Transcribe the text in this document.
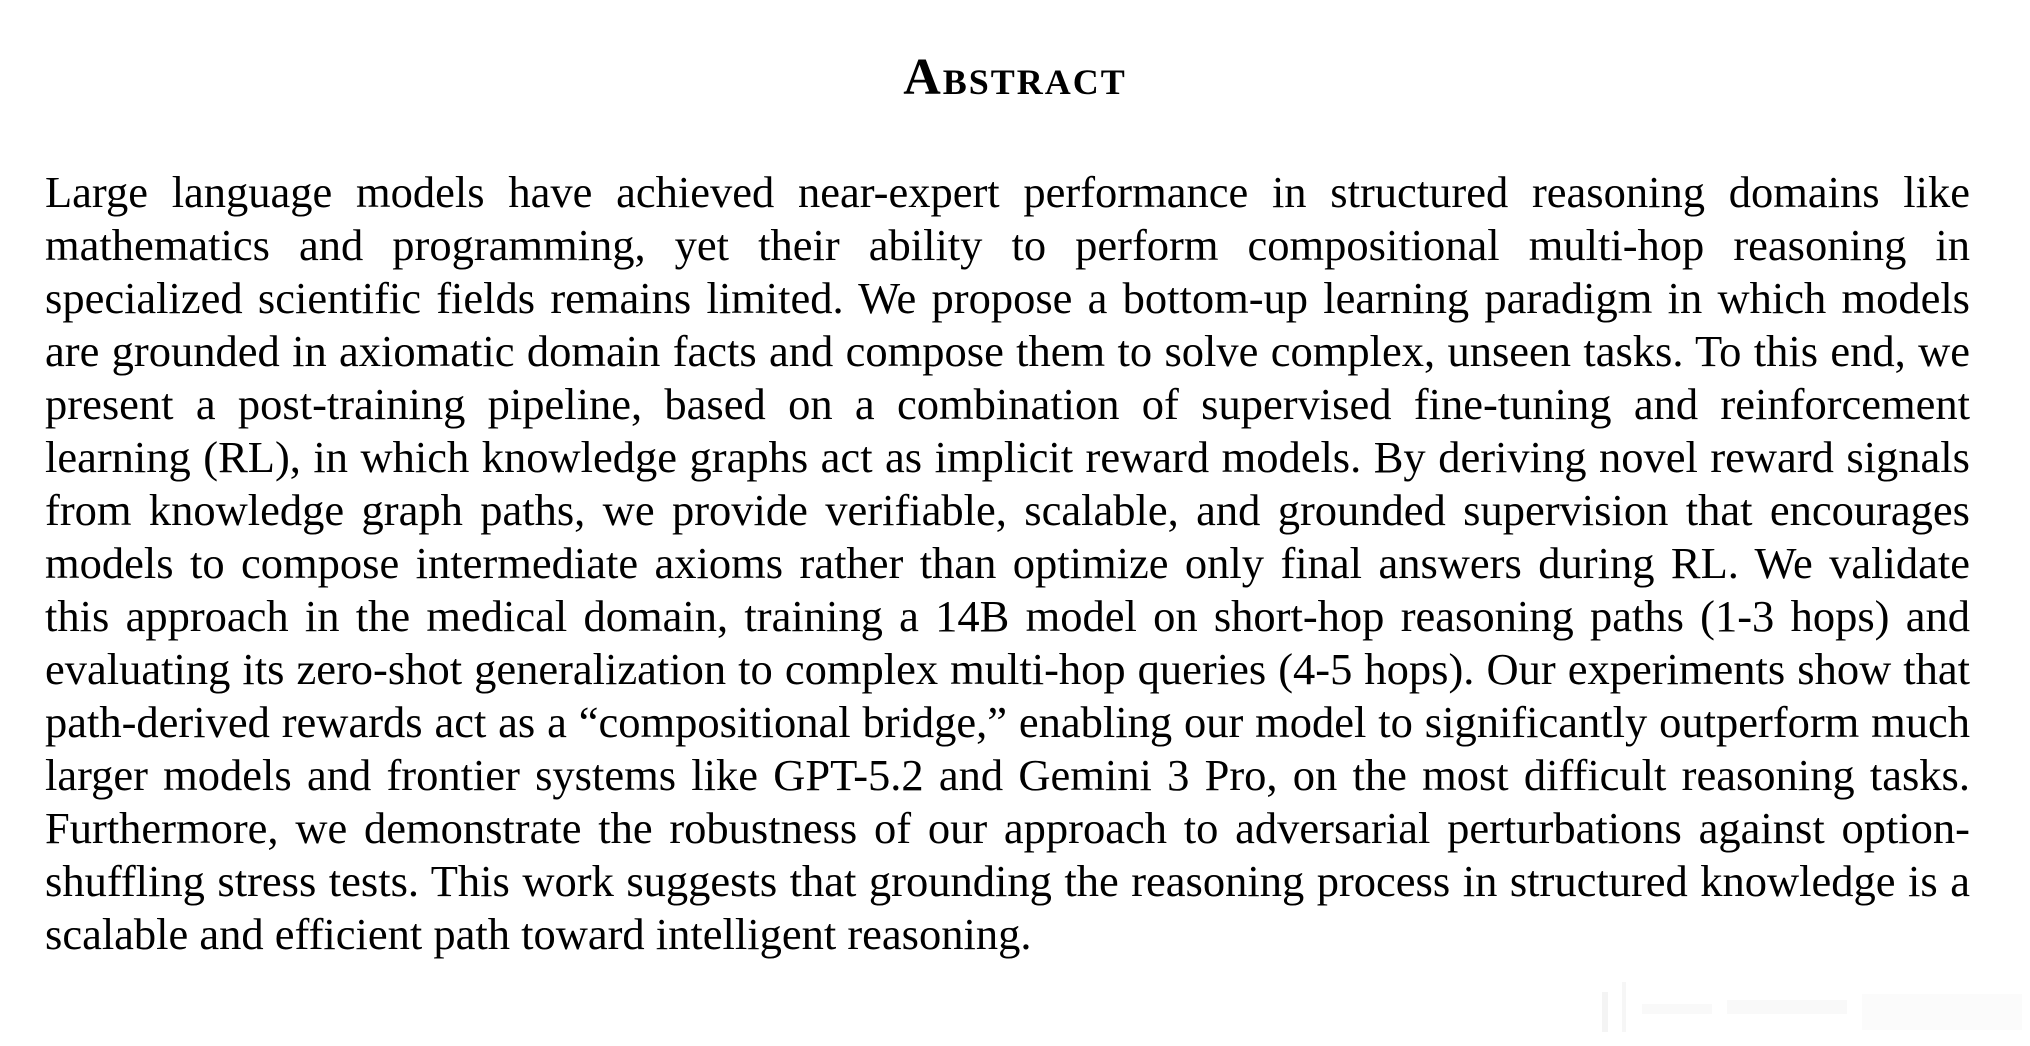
Abstract

Large language models have achieved near-expert performance in structured reasoning domains like mathematics and programming, yet their ability to perform compositional multi-hop reasoning in specialized scientific fields remains limited. We propose a bottom-up learning paradigm in which models are grounded in axiomatic domain facts and compose them to solve complex, unseen tasks. To this end, we present a post-training pipeline, based on a combination of supervised fine-tuning and reinforcement learning (RL), in which knowledge graphs act as implicit reward models. By deriving novel reward signals from knowledge graph paths, we provide verifiable, scalable, and grounded supervision that encourages models to compose intermediate axioms rather than optimize only final answers during RL. We validate this approach in the medical domain, training a 14B model on short-hop reasoning paths (1-3 hops) and evaluating its zero-shot generalization to complex multi-hop queries (4-5 hops). Our experiments show that path-derived rewards act as a “compositional bridge,” enabling our model to significantly outperform much larger models and frontier systems like GPT-5.2 and Gemini 3 Pro, on the most difficult reasoning tasks. Furthermore, we demonstrate the robustness of our approach to adversarial perturbations against option-shuffling stress tests. This work suggests that grounding the reasoning process in structured knowledge is a scalable and efficient path toward intelligent reasoning.
